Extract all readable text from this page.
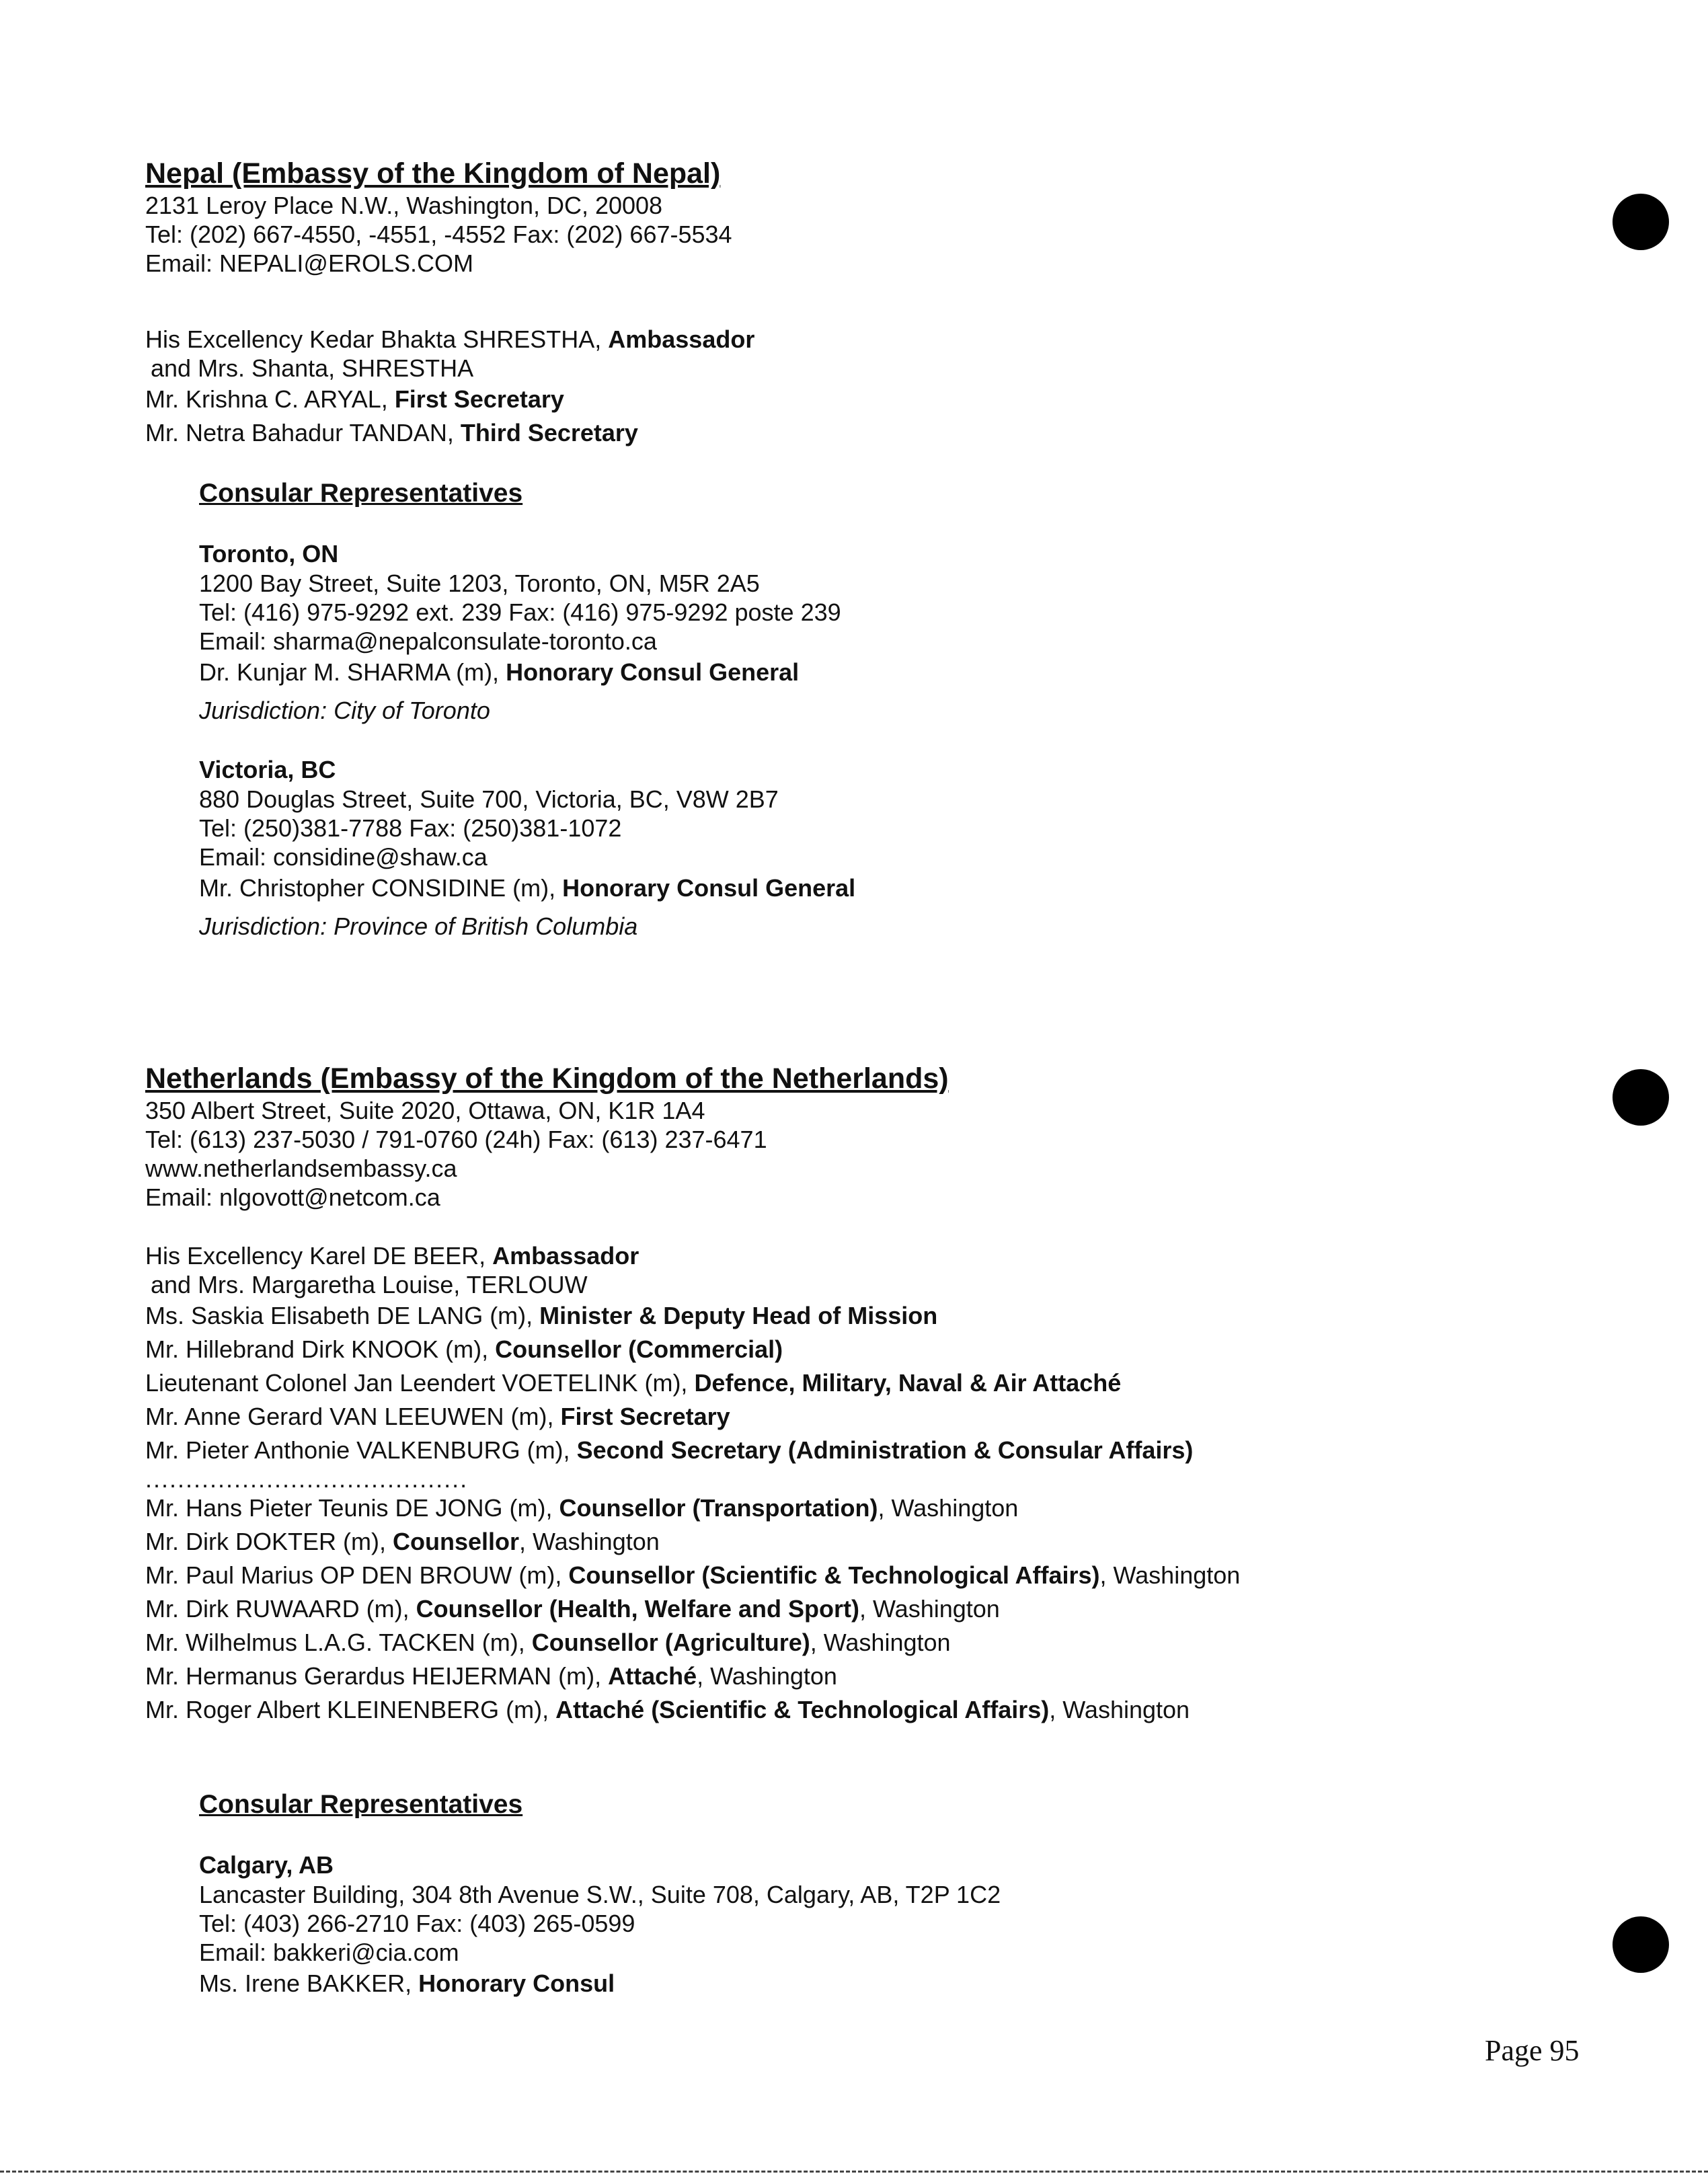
Nepal (Embassy of the Kingdom of Nepal)
2131 Leroy Place N.W., Washington, DC, 20008
Tel: (202) 667-4550, -4551, -4552 Fax: (202) 667-5534
Email: NEPALI@EROLS.COM
His Excellency Kedar Bhakta SHRESTHA, Ambassador
and Mrs. Shanta, SHRESTHA
Mr. Krishna C. ARYAL, First Secretary
Mr. Netra Bahadur TANDAN, Third Secretary
Consular Representatives
Toronto, ON
1200 Bay Street, Suite 1203, Toronto, ON, M5R 2A5
Tel: (416) 975-9292 ext. 239 Fax: (416) 975-9292 poste 239
Email: sharma@nepalconsulate-toronto.ca
Dr. Kunjar M. SHARMA (m), Honorary Consul General
Jurisdiction: City of Toronto
Victoria, BC
880 Douglas Street, Suite 700, Victoria, BC, V8W 2B7
Tel: (250)381-7788 Fax: (250)381-1072
Email: considine@shaw.ca
Mr. Christopher CONSIDINE (m), Honorary Consul General
Jurisdiction: Province of British Columbia
Netherlands (Embassy of the Kingdom of the Netherlands)
350 Albert Street, Suite 2020, Ottawa, ON, K1R 1A4
Tel: (613) 237-5030 / 791-0760 (24h) Fax: (613) 237-6471
www.netherlandsembassy.ca
Email: nlgovott@netcom.ca
His Excellency Karel DE BEER, Ambassador
and Mrs. Margaretha Louise, TERLOUW
Ms. Saskia Elisabeth DE LANG (m), Minister & Deputy Head of Mission
Mr. Hillebrand Dirk KNOOK (m), Counsellor (Commercial)
Lieutenant Colonel Jan Leendert VOETELINK (m), Defence, Military, Naval & Air Attaché
Mr. Anne Gerard VAN LEEUWEN (m), First Secretary
Mr. Pieter Anthonie VALKENBURG (m), Second Secretary (Administration & Consular Affairs)
........................................
Mr. Hans Pieter Teunis DE JONG (m), Counsellor (Transportation), Washington
Mr. Dirk DOKTER (m), Counsellor, Washington
Mr. Paul Marius OP DEN BROUW (m), Counsellor (Scientific & Technological Affairs), Washington
Mr. Dirk RUWAARD (m), Counsellor (Health, Welfare and Sport), Washington
Mr. Wilhelmus L.A.G. TACKEN (m), Counsellor (Agriculture), Washington
Mr. Hermanus Gerardus HEIJERMAN (m), Attaché, Washington
Mr. Roger Albert KLEINENBERG (m), Attaché (Scientific & Technological Affairs), Washington
Consular Representatives
Calgary, AB
Lancaster Building, 304 8th Avenue S.W., Suite 708, Calgary, AB, T2P 1C2
Tel: (403) 266-2710 Fax: (403) 265-0599
Email: bakkeri@cia.com
Ms. Irene BAKKER, Honorary Consul
Page 95
